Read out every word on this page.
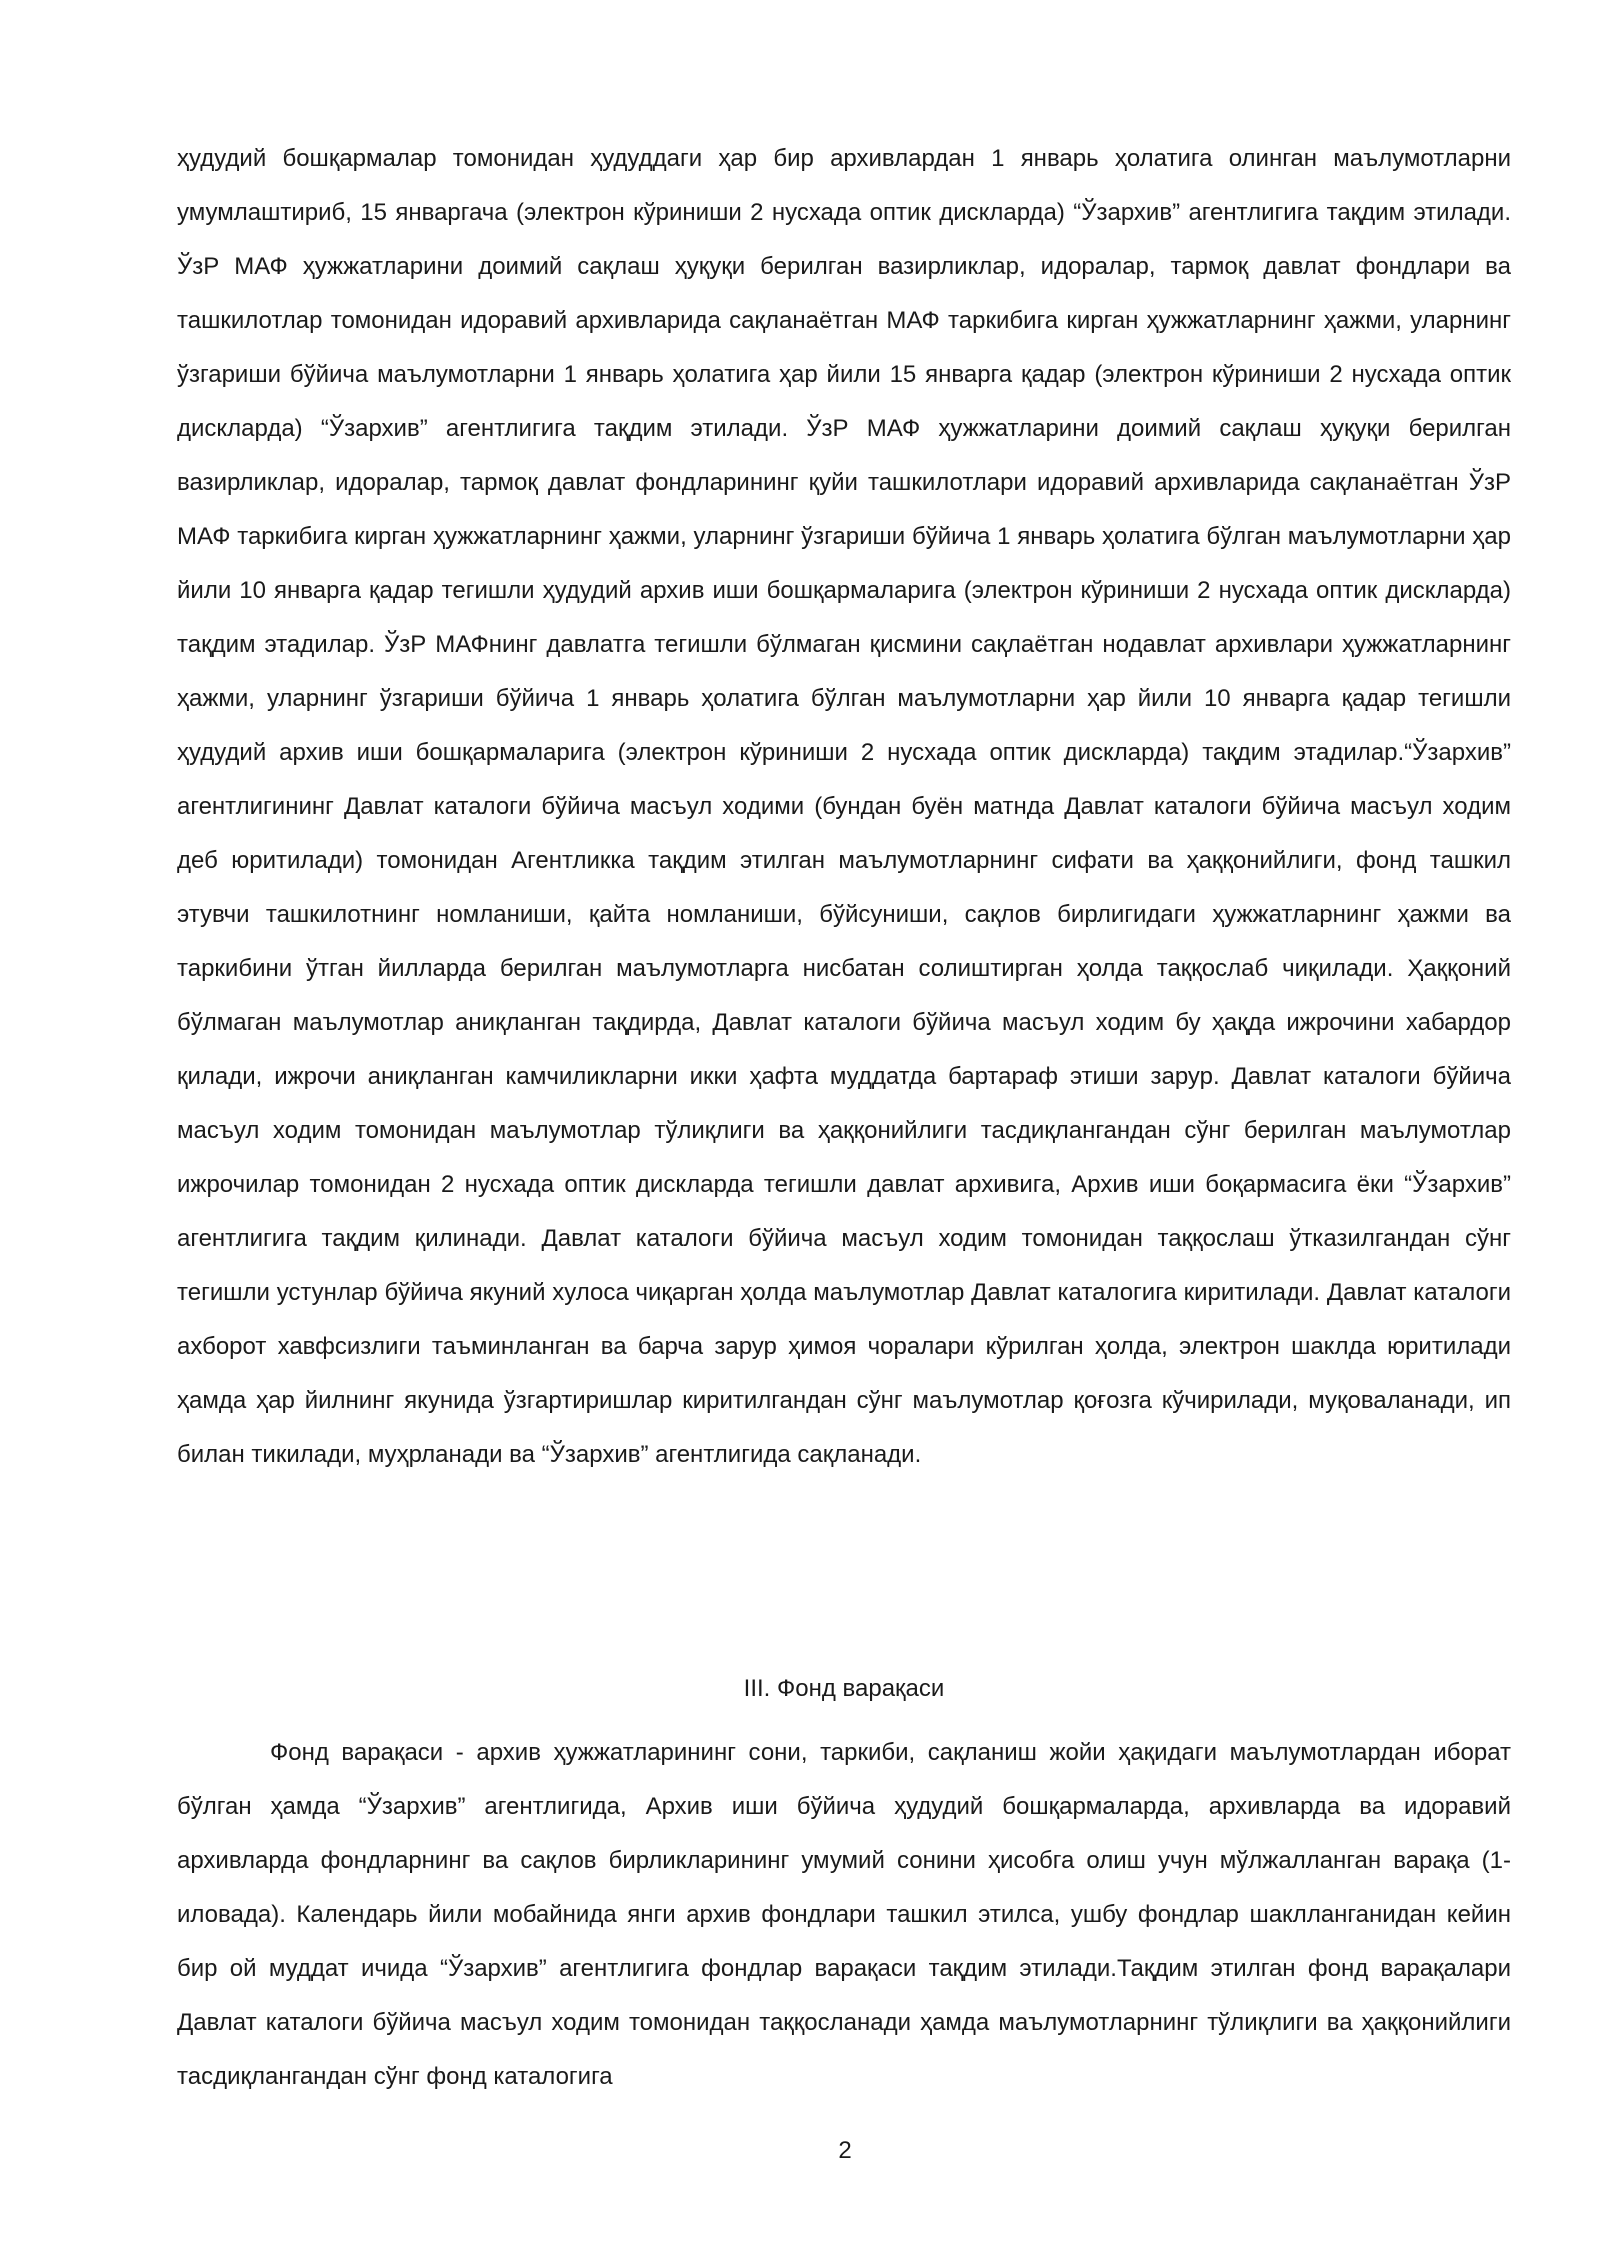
ҳудудий бошқармалар томонидан ҳудуддаги ҳар бир архивлардан 1 январь ҳолатига олинган маълумотларни умумлаштириб, 15 январгача (электрон кўриниши 2 нусхада оптик дискларда) “Ўзархив” агентлигига тақдим этилади. ЎзР МАФ ҳужжатларини доимий сақлаш ҳуқуқи берилган вазирликлар, идоралар, тармоқ давлат фондлари ва ташкилотлар томонидан идоравий архивларида сақланаётган МАФ таркибига кирган ҳужжатларнинг ҳажми, уларнинг ўзгариши бўйича маълумотларни 1 январь ҳолатига ҳар йили 15 январга қадар (электрон кўриниши 2 нусхада оптик дискларда) “Ўзархив” агентлигига тақдим этилади. ЎзР МАФ ҳужжатларини доимий сақлаш ҳуқуқи берилган вазирликлар, идоралар, тармоқ давлат фондларининг қуйи ташкилотлари идоравий архивларида сақланаётган ЎзР МАФ таркибига кирган ҳужжатларнинг ҳажми, уларнинг ўзгариши бўйича 1 январь ҳолатига бўлган маълумотларни ҳар йили 10 январга қадар тегишли ҳудудий архив иши бошқармаларига (электрон кўриниши 2 нусхада оптик дискларда) тақдим этадилар. ЎзР МАФнинг давлатга тегишли бўлмаган қисмини сақлаётган нодавлат архивлари ҳужжатларнинг ҳажми, уларнинг ўзгариши бўйича 1 январь ҳолатига бўлган маълумотларни ҳар йили 10 январга қадар тегишли ҳудудий архив иши бошқармаларига (электрон кўриниши 2 нусхада оптик дискларда) тақдим этадилар.“Ўзархив” агентлигининг Давлат каталоги бўйича масъул ходими (бундан буён матнда Давлат каталоги бўйича масъул ходим деб юритилади) томонидан Агентликка тақдим этилган маълумотларнинг сифати ва ҳаққонийлиги, фонд ташкил этувчи ташкилотнинг номланиши, қайта номланиши, бўйсуниши, сақлов бирлигидаги ҳужжатларнинг ҳажми ва таркибини ўтган йилларда берилган маълумотларга нисбатан солиштирган ҳолда таққослаб чиқилади. Ҳаққоний бўлмаган маълумотлар аниқланган тақдирда, Давлат каталоги бўйича масъул ходим бу ҳақда ижрочини хабардор қилади, ижрочи аниқланган камчиликларни икки ҳафта муддатда бартараф этиши зарур. Давлат каталоги бўйича масъул ходим томонидан маълумотлар тўлиқлиги ва ҳаққонийлиги тасдиқлангандан сўнг берилган маълумотлар ижрочилар томонидан 2 нусхада оптик дискларда тегишли давлат архивига, Архив иши боқармасига ёки “Ўзархив” агентлигига тақдим қилинади. Давлат каталоги бўйича масъул ходим томонидан таққослаш ўтказилгандан сўнг тегишли устунлар бўйича якуний хулоса чиқарган ҳолда маълумотлар Давлат каталогига киритилади. Давлат каталоги ахборот хавфсизлиги таъминланган ва барча зарур ҳимоя чоралари кўрилган ҳолда, электрон шаклда юритилади ҳамда ҳар йилнинг якунида ўзгартиришлар киритилгандан сўнг маълумотлар қоғозга кўчирилади, муқоваланади, ип билан тикилади, муҳрланади ва “Ўзархив” агентлигида сақланади.

III. Фонд варақаси

Фонд варақаси - архив ҳужжатларининг сони, таркиби, сақланиш жойи ҳақидаги маълумотлардан иборат бўлган ҳамда “Ўзархив” агентлигида, Архив иши бўйича ҳудудий бошқармаларда, архивларда ва идоравий архивларда фондларнинг ва сақлов бирликларининг умумий сонини ҳисобга олиш учун мўлжалланган варақа (1-иловада). Календарь йили мобайнида янги архив фондлари ташкил этилса, ушбу фондлар шаклланганидан кейин бир ой муддат ичида “Ўзархив” агентлигига фондлар варақаси тақдим этилади.Тақдим этилган фонд варақалари Давлат каталоги бўйича масъул ходим томонидан таққосланади ҳамда маълумотларнинг тўлиқлиги ва ҳаққонийлиги тасдиқлангандан сўнг фонд каталогига

2
